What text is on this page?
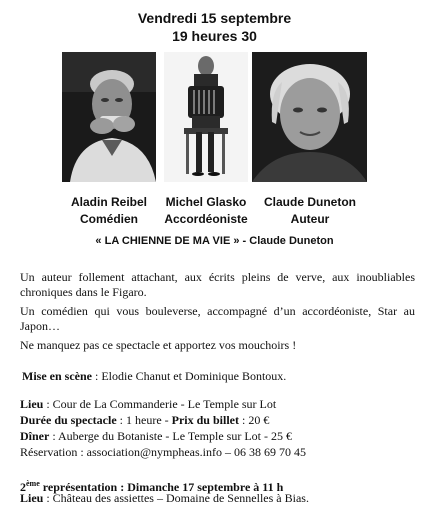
Vendredi 15 septembre
19 heures 30
Aladin Reibel
Comédien
Michel Glasko
Accordéoniste
Claude Duneton
Auteur
« LA CHIENNE DE MA VIE » - Claude Duneton
Un auteur follement attachant, aux écrits pleins de verve, aux inoubliables chroniques dans le Figaro.
Un comédien qui vous bouleverse, accompagné d’un accordéoniste, Star au Japon…
Ne manquez pas ce spectacle et apportez vos mouchoirs !
Mise en scène : Elodie Chanut et Dominique Bontoux.
Lieu : Cour de La Commanderie - Le Temple sur Lot
Durée du spectacle : 1 heure - Prix du billet : 20 €
Dîner : Auberge du Botaniste - Le Temple sur Lot - 25 €
Réservation : association@nympheas.info – 06 38 69 70 45
2ème représentation : Dimanche 17 septembre à 11 h
Lieu : Château des assiettes – Domaine de Sennelles à Bias.
